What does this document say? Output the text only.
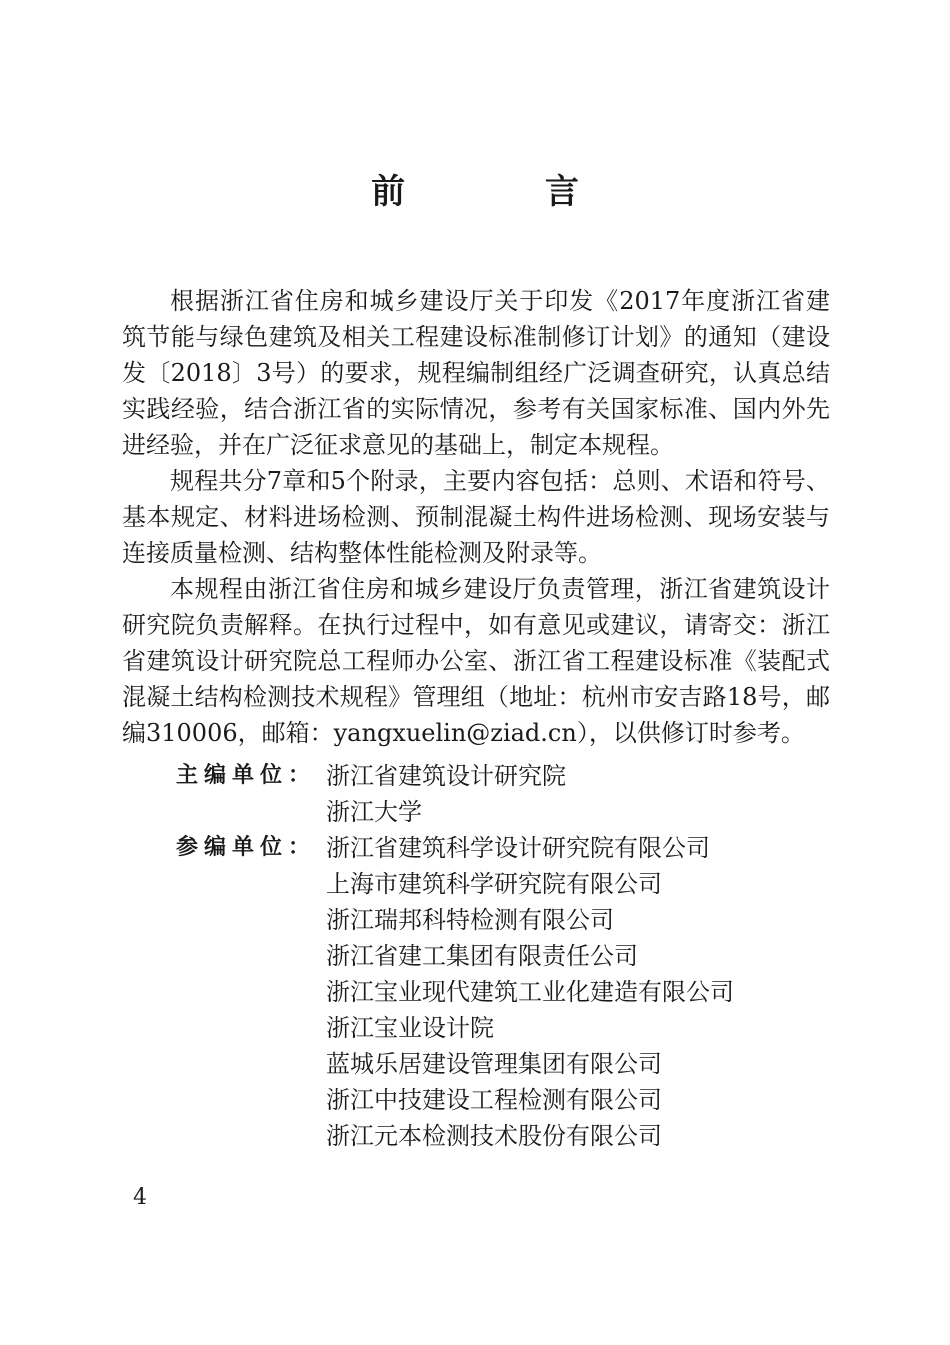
前 言

根据浙江省住房和城乡建设厅关于印发《2017年度浙江省建筑节能与绿色建筑及相关工程建设标准制修订计划》的通知（建设发〔2018〕3号）的要求，规程编制组经广泛调查研究，认真总结实践经验，结合浙江省的实际情况，参考有关国家标准、国内外先进经验，并在广泛征求意见的基础上，制定本规程。

规程共分7章和5个附录，主要内容包括：总则、术语和符号、基本规定、材料进场检测、预制混凝土构件进场检测、现场安装与连接质量检测、结构整体性能检测及附录等。

本规程由浙江省住房和城乡建设厅负责管理，浙江省建筑设计研究院负责解释。在执行过程中，如有意见或建议，请寄交：浙江省建筑设计研究院总工程师办公室、浙江省工程建设标准《装配式混凝土结构检测技术规程》管理组（地址：杭州市安吉路18号，邮编310006，邮箱：yangxuelin@ziad.cn），以供修订时参考。

主编单位： 浙江省建筑设计研究院
浙江大学
参编单位： 浙江省建筑科学设计研究院有限公司
上海市建筑科学研究院有限公司
浙江瑞邦科特检测有限公司
浙江省建工集团有限责任公司
浙江宝业现代建筑工业化建造有限公司
浙江宝业设计院
蓝城乐居建设管理集团有限公司
浙江中技建设工程检测有限公司
浙江元本检测技术股份有限公司
4
